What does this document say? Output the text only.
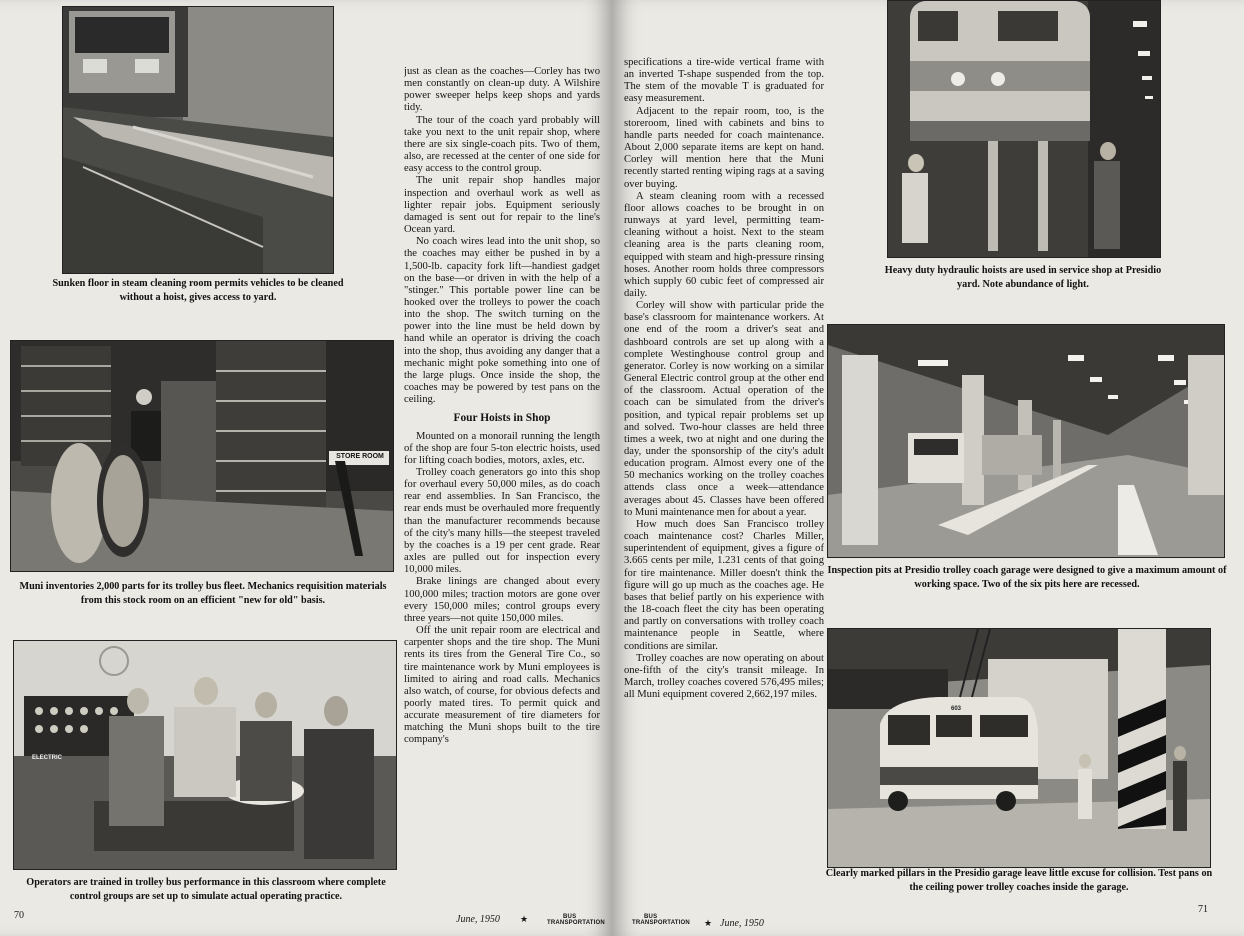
Sunken floor in steam cleaning room permits vehicles to be cleaned without a hoist, gives access to yard.
STORE ROOM
Muni inventories 2,000 parts for its trolley bus fleet. Mechanics requisition materials from this stock room on an efficient "new for old" basis.
ELECTRIC
Operators are trained in trolley bus performance in this classroom where complete control groups are set up to simulate actual operating practice.

just as clean as the coaches—Corley has two men constantly on clean-up duty. A Wilshire power sweeper helps keep shops and yards tidy.

The tour of the coach yard probably will take you next to the unit repair shop, where there are six single-coach pits. Two of them, also, are recessed at the center of one side for easy access to the control group.

The unit repair shop handles major inspection and overhaul work as well as lighter repair jobs. Equipment seriously damaged is sent out for repair to the line's Ocean yard.

No coach wires lead into the unit shop, so the coaches may either be pushed in by a 1,500-lb. capacity fork lift—handiest gadget on the base—or driven in with the help of a "stinger." This portable power line can be hooked over the trolleys to power the coach into the shop. The switch turning on the power into the line must be held down by hand while an operator is driving the coach into the shop, thus avoiding any danger that a mechanic might poke something into one of the large plugs. Once inside the shop, the coaches may be powered by test pans on the ceiling.

Four Hoists in Shop

Mounted on a monorail running the length of the shop are four 5-ton electric hoists, used for lifting coach bodies, motors, axles, etc.

Trolley coach generators go into this shop for overhaul every 50,000 miles, as do coach rear end assemblies. In San Francisco, the rear ends must be overhauled more frequently than the manufacturer recommends because of the city's many hills—the steepest traveled by the coaches is a 19 per cent grade. Rear axles are pulled out for inspection every 10,000 miles.

Brake linings are changed about every 100,000 miles; traction motors are gone over every 150,000 miles; control groups every three years—not quite 150,000 miles.

Off the unit repair room are electrical and carpenter shops and the tire shop. The Muni rents its tires from the General Tire Co., so tire maintenance work by Muni employees is limited to airing and road calls. Mechanics also watch, of course, for obvious defects and poorly mated tires. To permit quick and accurate measurement of tire diameters for matching the Muni shops built to the tire company's

70	June, 1950 ★	BUS
TRANSPORTATION

specifications a tire-wide vertical frame with an inverted T-shape suspended from the top. The stem of the movable T is graduated for easy measurement.

Adjacent to the repair room, too, is the storeroom, lined with cabinets and bins to handle parts needed for coach maintenance. About 2,000 separate items are kept on hand. Corley will mention here that the Muni recently started renting wiping rags at a saving over buying.

A steam cleaning room with a recessed floor allows coaches to be brought in on runways at yard level, permitting team-cleaning without a hoist. Next to the steam cleaning area is the parts cleaning room, equipped with steam and high-pressure rinsing hoses. Another room holds three compressors which supply 60 cubic feet of compressed air daily.

Corley will show with particular pride the base's classroom for maintenance workers. At one end of the room a driver's seat and dashboard controls are set up along with a complete Westinghouse control group and generator. Corley is now working on a similar General Electric control group at the other end of the classroom. Actual operation of the coach can be simulated from the driver's position, and typical repair problems set up and solved. Two-hour classes are held three times a week, two at night and one during the day, under the sponsorship of the city's adult education program. Almost every one of the 50 mechanics working on the trolley coaches attends class once a week—attendance averages about 45. Classes have been offered to Muni maintenance men for about a year.

How much does San Francisco trolley coach maintenance cost? Charles Miller, superintendent of equipment, gives a figure of 3.665 cents per mile, 1.231 cents of that going for tire maintenance. Miller doesn't think the figure will go up much as the coaches age. He bases that belief partly on his experience with the 18-coach fleet the city has been operating and partly on conversations with trolley coach maintenance people in Seattle, where conditions are similar.

Trolley coaches are now operating on about one-fifth of the city's transit mileage. In March, trolley coaches covered 576,495 miles; all Muni equipment covered 2,662,197 miles.

Heavy duty hydraulic hoists are used in service shop at Presidio yard. Note abundance of light.
Inspection pits at Presidio trolley coach garage were designed to give a maximum amount of working space. Two of the six pits here are recessed.
603
Clearly marked pillars in the Presidio garage leave little excuse for collision. Test pans on the ceiling power trolley coaches inside the garage.
BUS
TRANSPORTATION ★ June, 1950
71
